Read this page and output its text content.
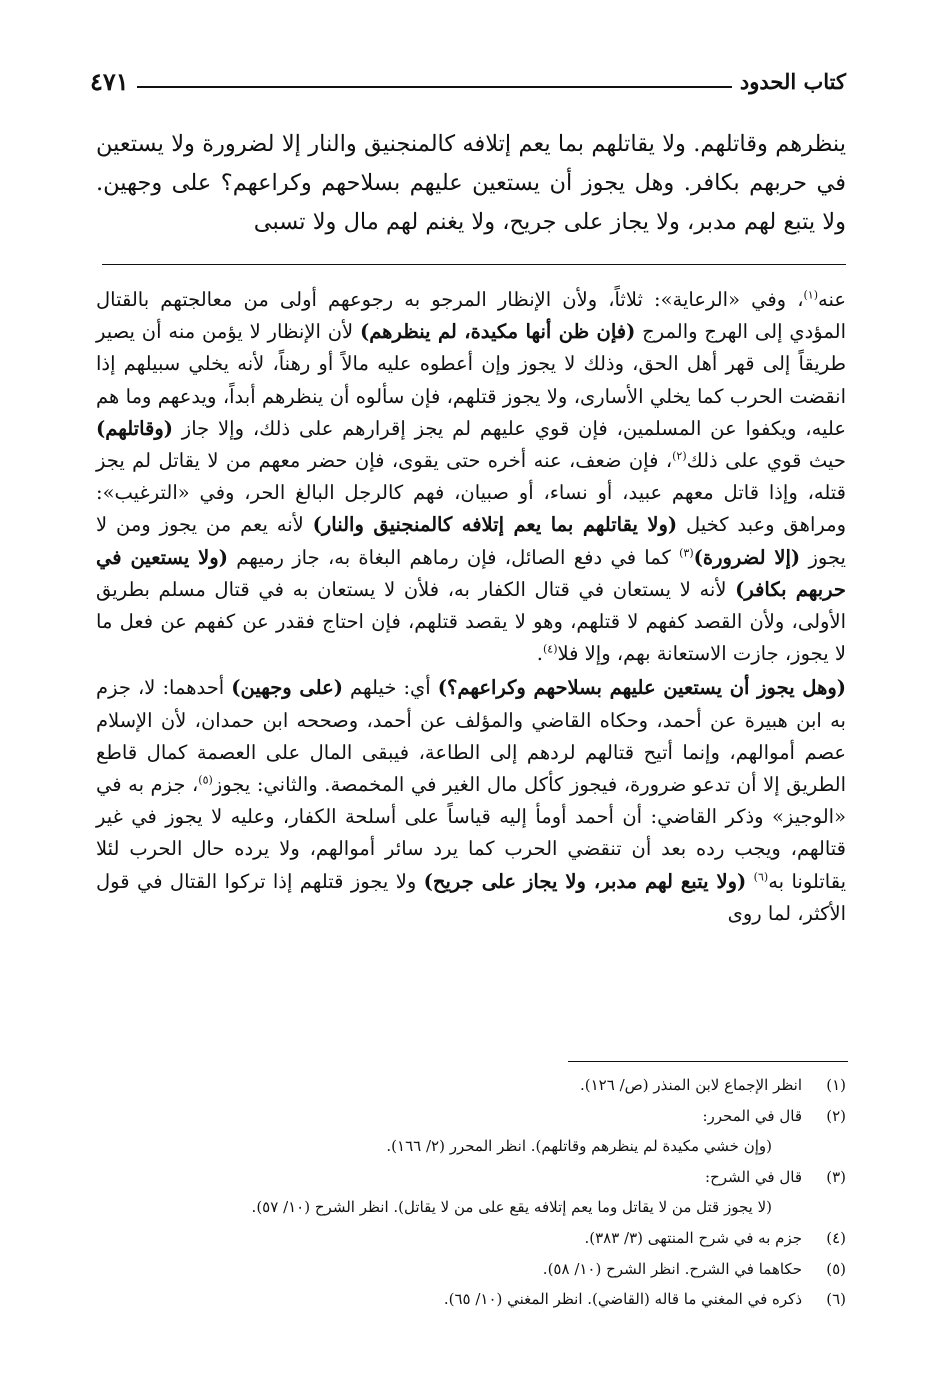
كتاب الحدود
٤٧١

ينظرهم وقاتلهم. ولا يقاتلهم بما يعم إتلافه كالمنجنيق والنار إلا لضرورة ولا يستعين في حربهم بكافر. وهل يجوز أن يستعين عليهم بسلاحهم وكراعهم؟ على وجهين. ولا يتبع لهم مدبر، ولا يجاز على جريح، ولا يغنم لهم مال ولا تسبى

عنه$^{(١)}$، وفي «الرعاية»: ثلاثاً، ولأن الإنظار المرجو به رجوعهم أولى من معالجتهم بالقتال المؤدي إلى الهرج والمرج (فإن ظن أنها مكيدة، لم ينظرهم) لأن الإنظار لا يؤمن منه أن يصير طريقاً إلى قهر أهل الحق، وذلك لا يجوز وإن أعطوه عليه مالاً أو رهناً، لأنه يخلي سبيلهم إذا انقضت الحرب كما يخلي الأسارى، ولا يجوز قتلهم، فإن سألوه أن ينظرهم أبداً، ويدعهم وما هم عليه، ويكفوا عن المسلمين، فإن قوي عليهم لم يجز إقرارهم على ذلك، وإلا جاز (وقاتلهم) حيث قوي على ذلك$^{(٢)}$، فإن ضعف، عنه أخره حتى يقوى، فإن حضر معهم من لا يقاتل لم يجز قتله، وإذا قاتل معهم عبيد، أو نساء، أو صبيان، فهم كالرجل البالغ الحر، وفي «الترغيب»: ومراهق وعبد كخيل (ولا يقاتلهم بما يعم إتلافه كالمنجنيق والنار) لأنه يعم من يجوز ومن لا يجوز (إلا لضرورة)$^{(٣)}$ كما في دفع الصائل، فإن رماهم البغاة به، جاز رميهم (ولا يستعين في حربهم بكافر) لأنه لا يستعان في قتال الكفار به، فلأن لا يستعان به في قتال مسلم بطريق الأولى، ولأن القصد كفهم لا قتلهم، وهو لا يقصد قتلهم، فإن احتاج فقدر عن كفهم عن فعل ما لا يجوز، جازت الاستعانة بهم، وإلا فلا$^{(٤)}$.

(وهل يجوز أن يستعين عليهم بسلاحهم وكراعهم؟) أي: خيلهم (على وجهين) أحدهما: لا، جزم به ابن هبيرة عن أحمد، وحكاه القاضي والمؤلف عن أحمد، وصححه ابن حمدان، لأن الإسلام عصم أموالهم، وإنما أتيح قتالهم لردهم إلى الطاعة، فيبقى المال على العصمة كمال قاطع الطريق إلا أن تدعو ضرورة، فيجوز كأكل مال الغير في المخمصة. والثاني: يجوز$^{(٥)}$، جزم به في «الوجيز» وذكر القاضي: أن أحمد أومأ إليه قياساً على أسلحة الكفار، وعليه لا يجوز في غير قتالهم، ويجب رده بعد أن تنقضي الحرب كما يرد سائر أموالهم، ولا يرده حال الحرب لئلا يقاتلونا به$^{(٦)}$ (ولا يتبع لهم مدبر، ولا يجاز على جريح) ولا يجوز قتلهم إذا تركوا القتال في قول الأكثر، لما روى

(١)
انظر الإجماع لابن المنذر (ص/ ١٢٦).
(٢)
قال في المحرر:
(وإن خشي مكيدة لم ينظرهم وقاتلهم). انظر المحرر (٢/ ١٦٦).
(٣)
قال في الشرح:
(لا يجوز قتل من لا يقاتل وما يعم إتلافه يقع على من لا يقاتل). انظر الشرح (١٠/ ٥٧).
(٤)
جزم به في شرح المنتهى (٣/ ٣٨٣).
(٥)
حكاهما في الشرح. انظر الشرح (١٠/ ٥٨).
(٦)
ذكره في المغني ما قاله (القاضي). انظر المغني (١٠/ ٦٥).
